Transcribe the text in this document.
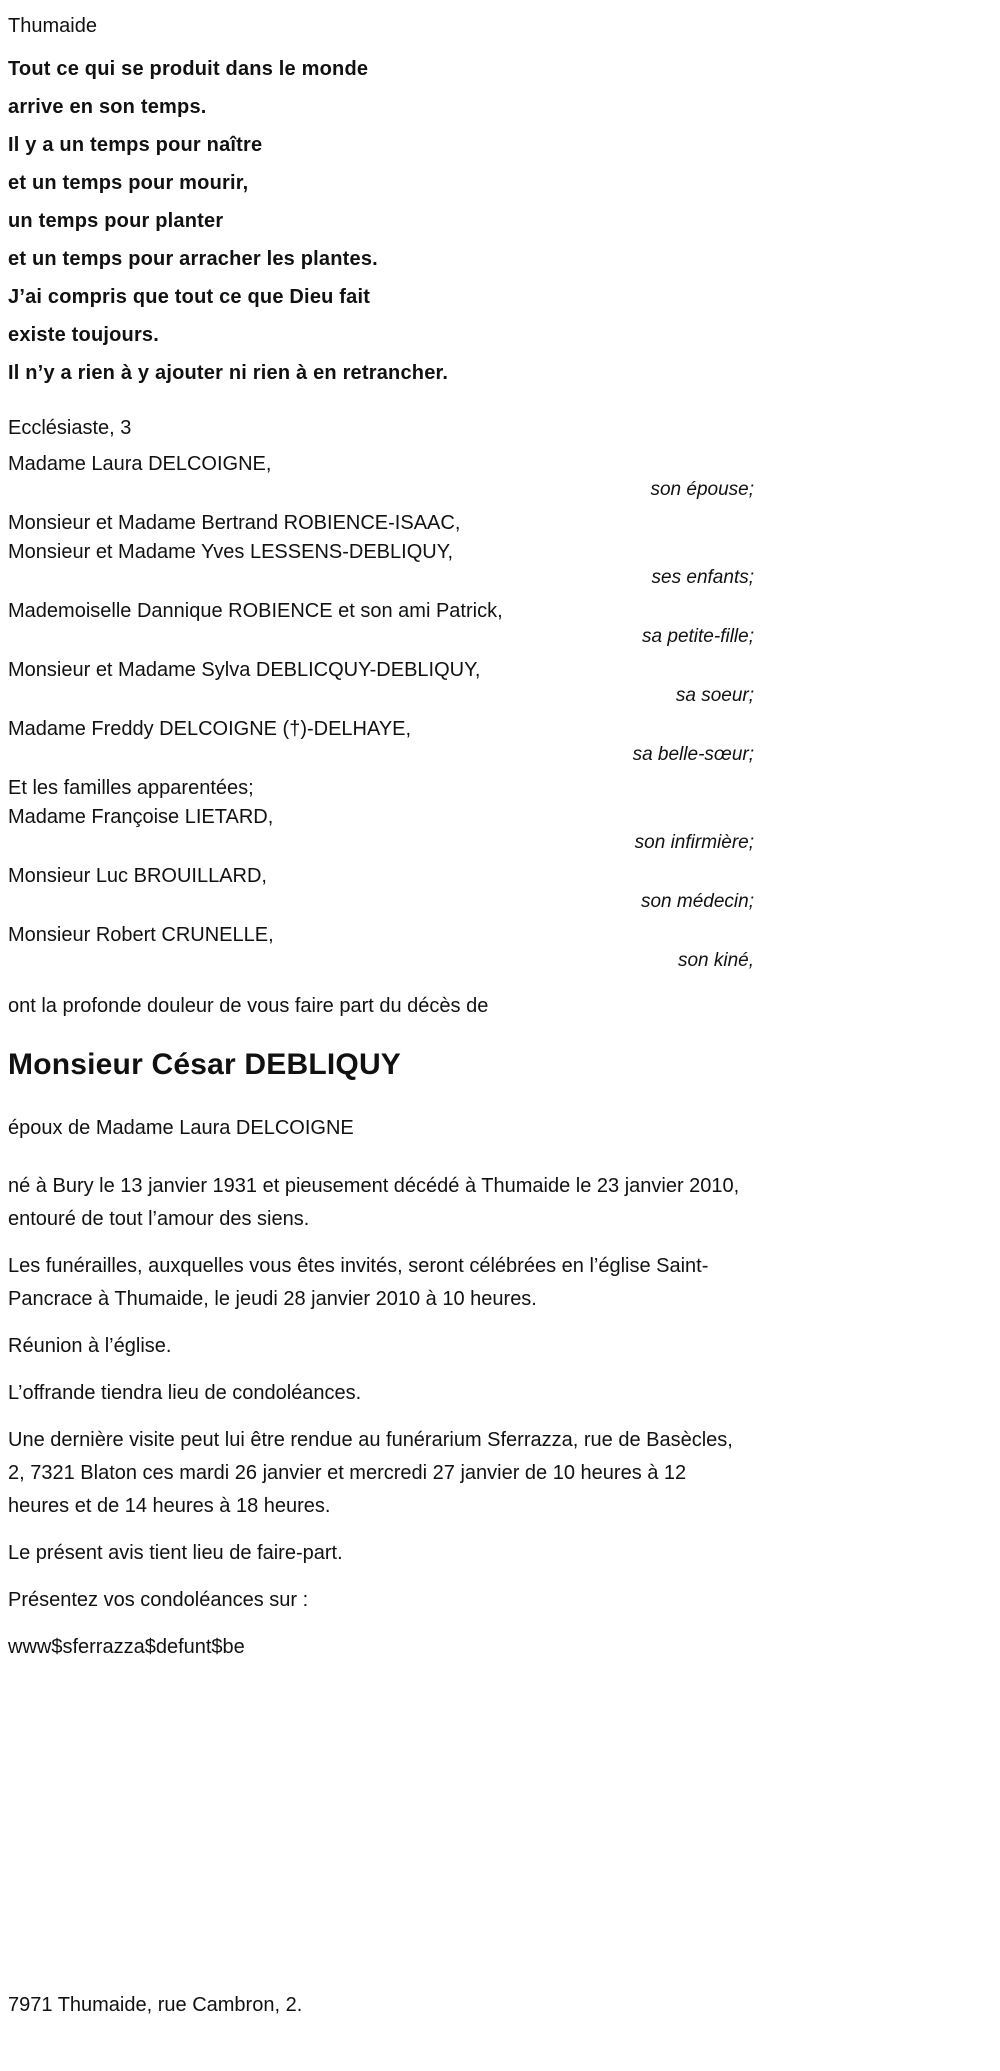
Thumaide
Tout ce qui se produit dans le monde
arrive en son temps.
Il y a un temps pour naître
et un temps pour mourir,
un temps pour planter
et un temps pour arracher les plantes.
J’ai compris que tout ce que Dieu fait
existe toujours.
Il n’y a rien à y ajouter ni rien à en retrancher.
Ecclésiaste, 3
Madame Laura DELCOIGNE,
son épouse;
Monsieur et Madame Bertrand ROBIENCE-ISAAC,
Monsieur et Madame Yves LESSENS-DEBLIQUY,
ses enfants;
Mademoiselle Dannique ROBIENCE et son ami Patrick,
sa petite-fille;
Monsieur et Madame Sylva DEBLICQUY-DEBLIQUY,
sa soeur;
Madame Freddy DELCOIGNE (†)-DELHAYE,
sa belle-sœur;
Et les familles apparentées;
Madame Françoise LIETARD,
son infirmière;
Monsieur Luc BROUILLARD,
son médecin;
Monsieur Robert CRUNELLE,
son kiné,
ont la profonde douleur de vous faire part du décès de
Monsieur César DEBLIQUY
époux de Madame Laura DELCOIGNE

né à Bury le 13 janvier 1931 et pieusement décédé à Thumaide le 23 janvier 2010, entouré de tout l’amour des siens.

Les funérailles, auxquelles vous êtes invités, seront célébrées en l’église Saint-Pancrace à Thumaide, le jeudi 28 janvier 2010 à 10 heures.

Réunion à l’église.

L’offrande tiendra lieu de condoléances.

Une dernière visite peut lui être rendue au funérarium Sferrazza, rue de Basècles, 2, 7321 Blaton ces mardi 26 janvier et mercredi 27 janvier de 10 heures à 12 heures et de 14 heures à 18 heures.

Le présent avis tient lieu de faire-part.

Présentez vos condoléances sur :

www$sferrazza$defunt$be

7971 Thumaide, rue Cambron, 2.
